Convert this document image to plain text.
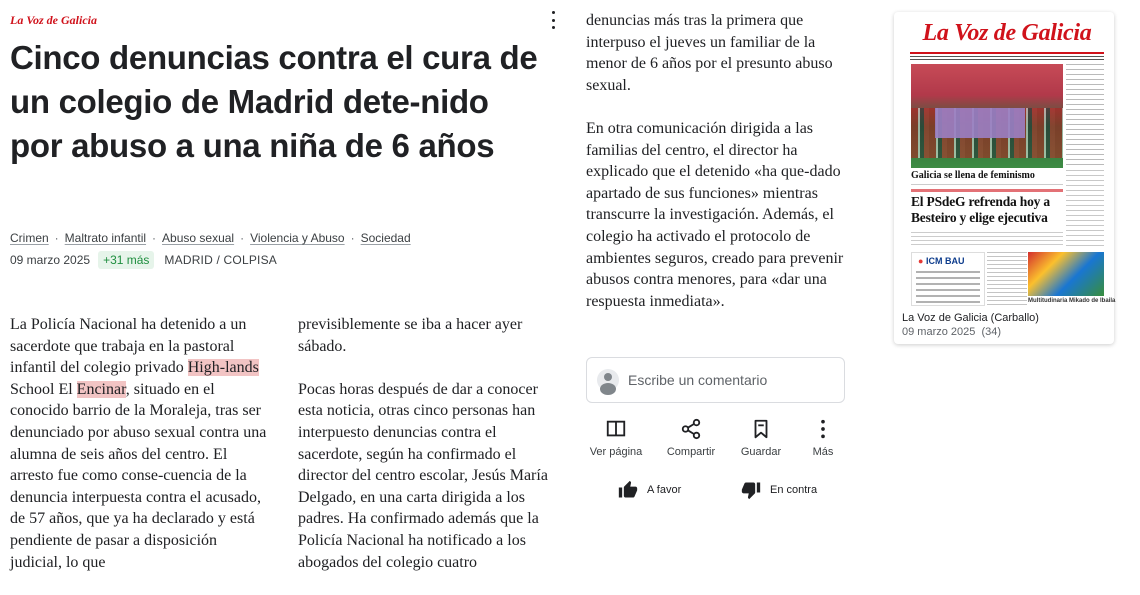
La Voz de Galicia
Cinco denuncias contra el cura de un colegio de Madrid dete-nido por abuso a una niña de 6 años
Crimen · Maltrato infantil · Abuso sexual · Violencia y Abuso · Sociedad
09 marzo 2025	+31 más	MADRID / COLPISA

La Policía Nacional ha detenido a un sacerdote que trabaja en la pastoral infantil del colegio privado High-lands School El Encinar, situado en el conocido barrio de la Moraleja, tras ser denunciado por abuso sexual contra una alumna de seis años del centro. El arresto fue como conse-cuencia de la denuncia interpuesta contra el acusado, de 57 años, que ya ha declarado y está pendiente de pasar a disposición judicial, lo que

previsiblemente se iba a hacer ayer sábado.

Pocas horas después de dar a conocer esta noticia, otras cinco personas han interpuesto denuncias contra el sacerdote, según ha confirmado el director del centro escolar, Jesús María Delgado, en una carta dirigida a los padres. Ha confirmado además que la Policía Nacional ha notificado a los abogados del colegio cuatro

denuncias más tras la primera que interpuso el jueves un familiar de la menor de 6 años por el presunto abuso sexual.

En otra comunicación dirigida a las familias del centro, el director ha explicado que el detenido «ha que-dado apartado de sus funciones» mientras transcurre la investigación. Además, el colegio ha activado el protocolo de ambientes seguros, creado para prevenir abusos contra menores, para «dar una respuesta inmediata».

Escribe un comentario
Ver página Compartir Guardar	Más
A favor	En contra
La Voz de Galicia
Galicia se llena de feminismo
El PSdeG refrenda hoy a Besteiro y elige ejecutiva
● ICM BAU
Multitudinaria Mikado de Ibaila
La Voz de Galicia (Carballo)
09 marzo 2025 (34)
